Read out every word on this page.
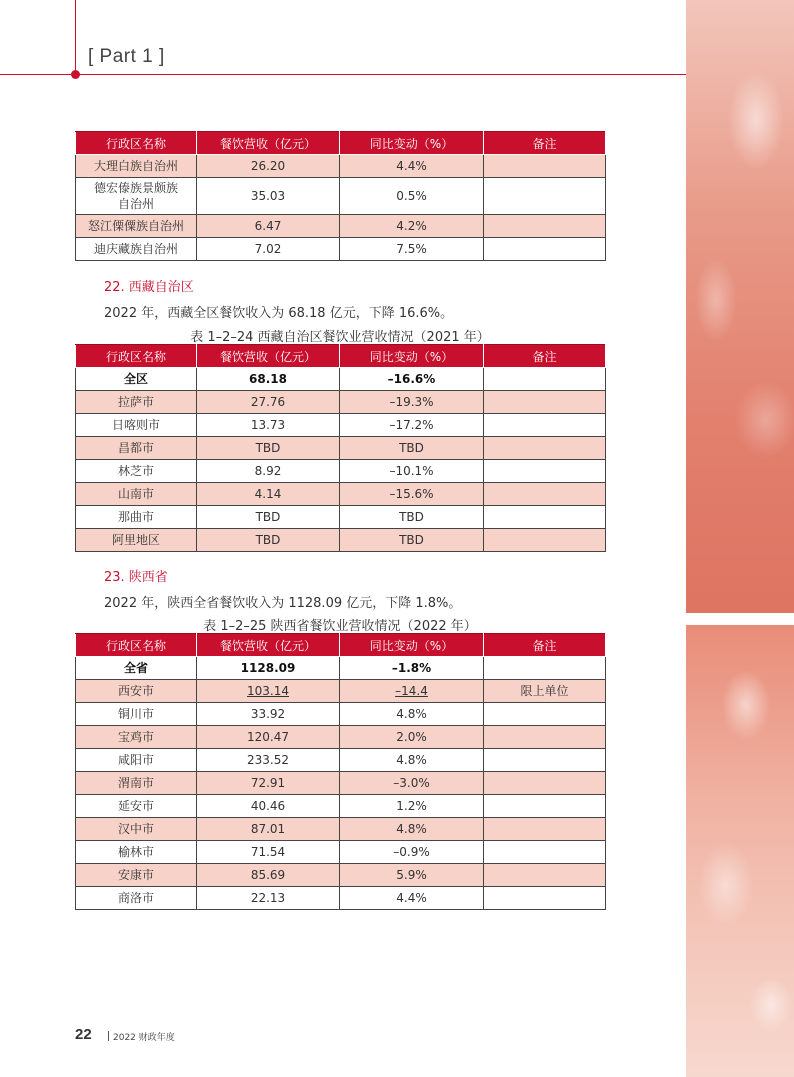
[ Part 1 ]
行政区名称	餐饮营收（亿元）	同比变动（%）	备注
大理白族自治州	26.20	4.4%	
德宏傣族景颇族
自治州	35.03	0.5%	
怒江傈僳族自治州	6.47	4.2%	
迪庆藏族自治州	7.02	7.5%	
22. 西藏自治区
2022 年，西藏全区餐饮收入为 68.18 亿元，下降 16.6%。
表 1–2–24 西藏自治区餐饮业营收情况（2021 年）
行政区名称	餐饮营收（亿元）	同比变动（%）	备注
全区	68.18	–16.6%	
拉萨市	27.76	–19.3%	
日喀则市	13.73	–17.2%	
昌都市	TBD	TBD	
林芝市	8.92	–10.1%	
山南市	4.14	–15.6%	
那曲市	TBD	TBD	
阿里地区	TBD	TBD	
23. 陕西省
2022 年，陕西全省餐饮收入为 1128.09 亿元，下降 1.8%。
表 1–2–25 陕西省餐饮业营收情况（2022 年）
行政区名称	餐饮营收（亿元）	同比变动（%）	备注
全省	1128.09	–1.8%	
西安市	103.14	–14.4	限上单位
铜川市	33.92	4.8%	
宝鸡市	120.47	2.0%	
咸阳市	233.52	4.8%	
渭南市	72.91	–3.0%	
延安市	40.46	1.2%	
汉中市	87.01	4.8%	
榆林市	71.54	–0.9%	
安康市	85.69	5.9%	
商洛市	22.13	4.4%	
22 2022 财政年度
